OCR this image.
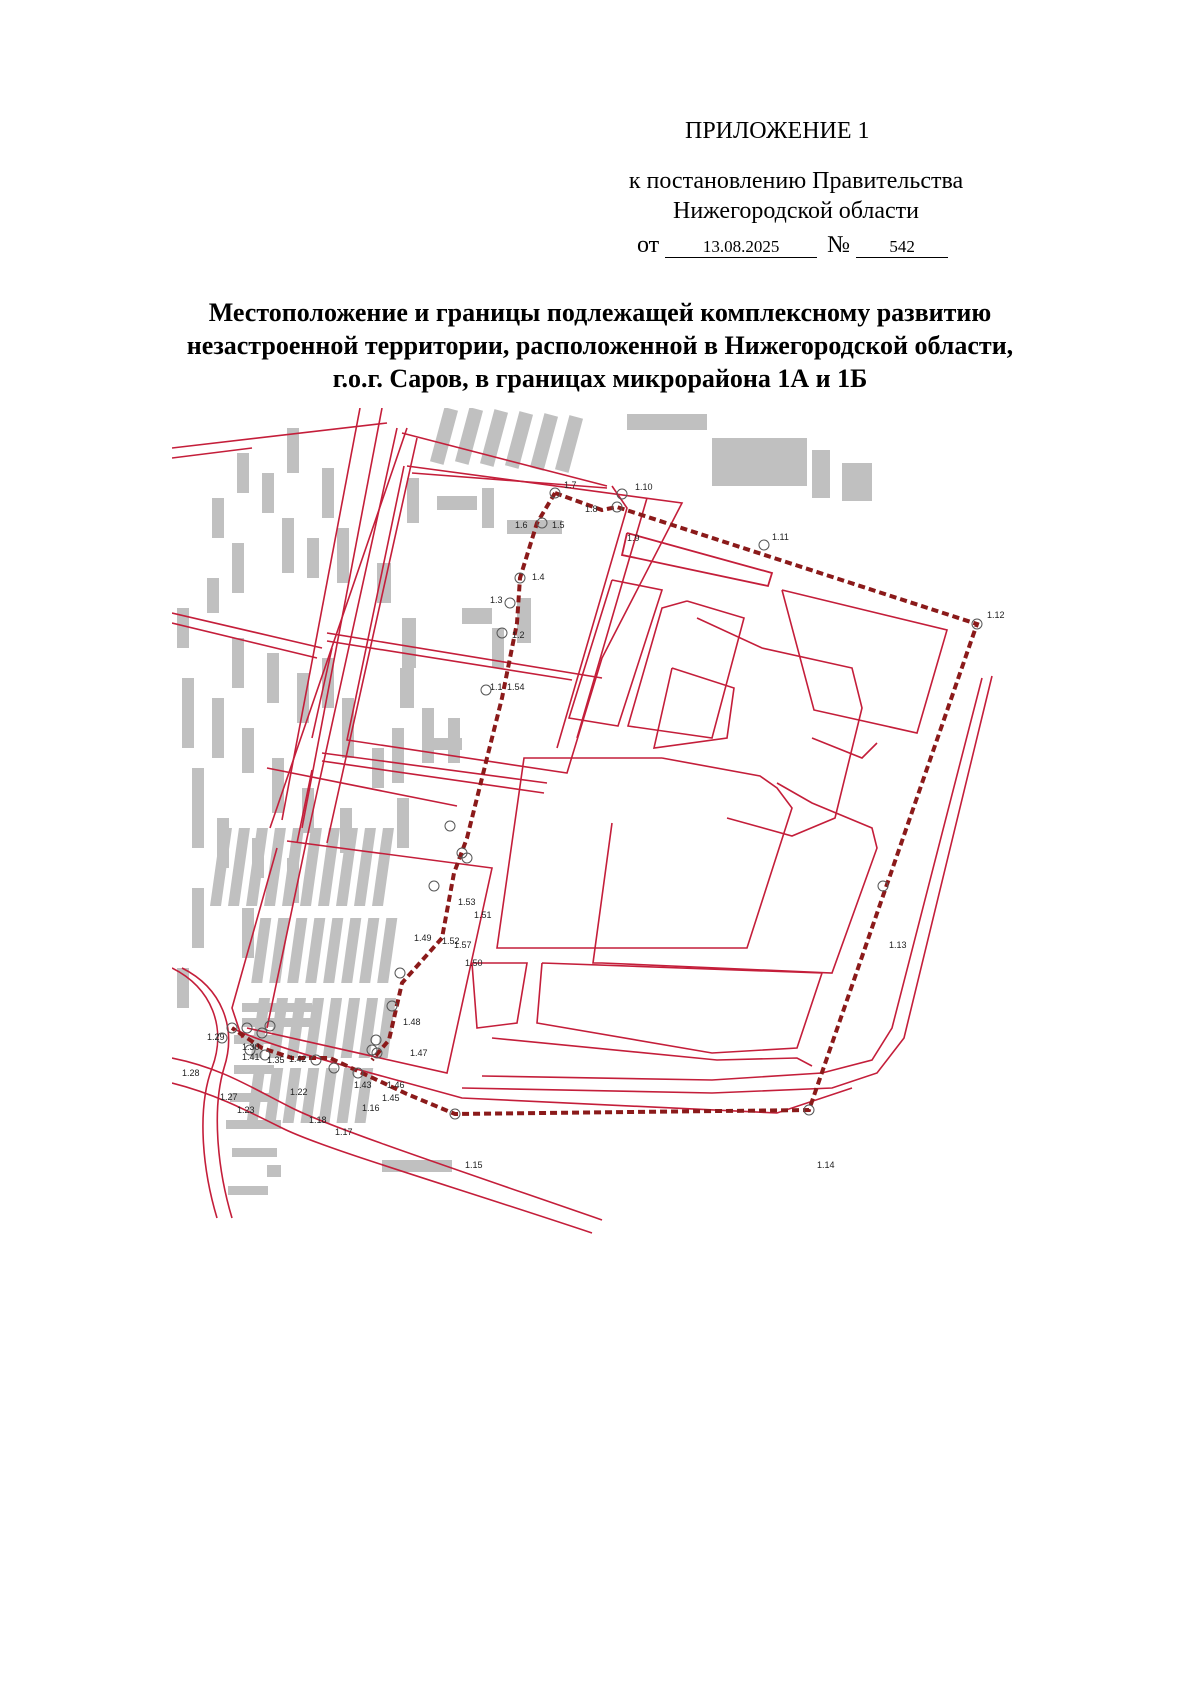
ПРИЛОЖЕНИЕ 1
к постановлению Правительства
Нижегородской области
от	13.08.2025 № 542
Местоположение и границы подлежащей комплексному развитию
незастроенной территории, расположенной в Нижегородской области,
г.о.г. Саров, в границах микрорайона 1А и 1Б
1.1
1.2
1.3
1.4
1.5
1.6
1.7
1.8
1.9
1.10
1.11
1.12
1.13
1.14
1.15
1.16
1.17
1.18
1.22
1.23
1.27
1.28
1.29
1.30
1.35
1.41	1.42
1.43
1.45
1.46
1.47
1.48
1.49
1.50
1.51
1.52
1.53
1.54
1.57
